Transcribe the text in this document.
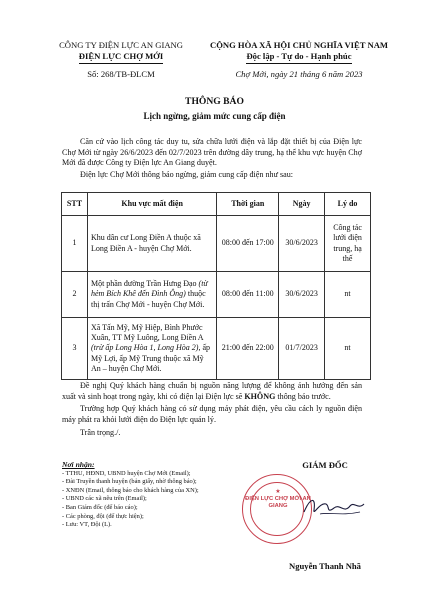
CÔNG TY ĐIỆN LỰC AN GIANG
ĐIỆN LỰC CHỢ MỚI
Số: 268/TB-ĐLCM
CỘNG HÒA XÃ HỘI CHỦ NGHĨA VIỆT NAM
Độc lập - Tự do - Hạnh phúc
Chợ Mới, ngày 21 tháng 6 năm 2023
THÔNG BÁO
Lịch ngừng, giảm mức cung cấp điện
Căn cứ vào lịch công tác duy tu, sửa chữa lưới điện và lắp đặt thiết bị của Điện lực Chợ Mới từ ngày 26/6/2023 đến 02/7/2023 trên đường dây trung, hạ thế khu vực huyện Chợ Mới đã được Công ty Điện lực An Giang duyệt.
Điện lực Chợ Mới thông báo ngừng, giảm cung cấp điện như sau:
STT	Khu vực mất điện	Thời gian	Ngày	Lý do
1	Khu dân cư Long Điền A thuộc xã Long Điền A - huyện Chợ Mới.	08:00 đến 17:00	30/6/2023	Công tác lưới điện trung, hạ thế
2	Một phần đường Trần Hưng Đạo (từ hẻm Bích Khê đến Đình Ông) thuộc thị trấn Chợ Mới - huyện Chợ Mới.	08:00 đến 11:00	30/6/2023	nt
3	Xã Tấn Mỹ, Mỹ Hiệp, Bình Phước Xuân, TT Mỹ Luông, Long Điền A (trừ ấp Long Hòa 1, Long Hòa 2), ấp Mỹ Lợi, ấp Mỹ Trung thuộc xã Mỹ An – huyện Chợ Mới.	21:00 đến 22:00	01/7/2023	nt
Đề nghị Quý khách hàng chuẩn bị nguồn năng lượng để không ảnh hưởng đến sản xuất và sinh hoạt trong ngày, khi có điện lại Điện lực sẽ KHÔNG thông báo trước.
Trường hợp Quý khách hàng có sử dụng máy phát điện, yêu cầu cách ly nguồn điện máy phát ra khỏi lưới điện do Điện lực quản lý.
Trân trọng./.
Nơi nhận:
- TTHU, HĐND, UBND huyện Chợ Mới (Email);
- Đài Truyền thanh huyện (bản giấy, nhờ thông báo);
- XNĐN (Email, thông báo cho khách hàng của XN);
- UBND các xã nêu trên (Email);
- Ban Giám đốc (để báo cáo);
- Các phòng, đội (để thực hiện);
- Lưu: VT, Đội (L).
GIÁM ĐỐC
★
ĐIỆN LỰC CHỢ MỚI AN GIANG
Nguyễn Thanh Nhã
